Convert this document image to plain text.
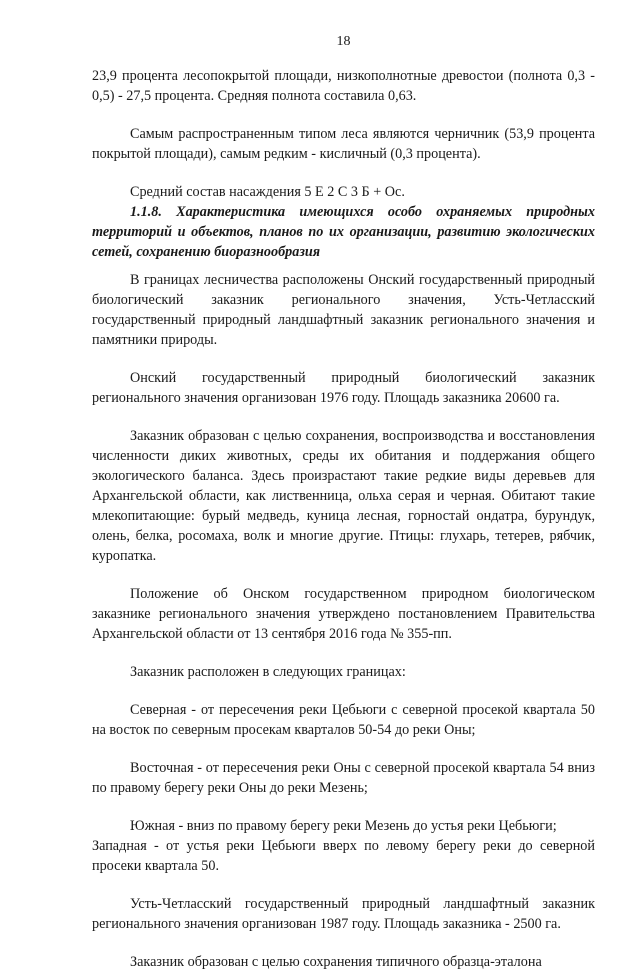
18

23,9 процента лесопокрытой площади, низкополнотные древостои (полнота 0,3 - 0,5) - 27,5 процента. Средняя полнота составила 0,63.

Самым распространенным типом леса являются черничник (53,9 процента покрытой площади), самым редким - кисличный (0,3 процента).

Средний состав насаждения 5 Е 2 С 3 Б + Ос.

1.1.8. Характеристика имеющихся особо охраняемых природных территорий и объектов, планов по их организации, развитию экологических сетей, сохранению биоразнообразия

В границах лесничества расположены Онский государственный природный биологический заказник регионального значения, Усть-Четласский государственный природный ландшафтный заказник регионального значения и памятники природы.

Онский государственный природный биологический заказник регионального значения организован 1976 году. Площадь заказника 20600 га.

Заказник образован с целью сохранения, воспроизводства и восстановления численности диких животных, среды их обитания и поддержания общего экологического баланса. Здесь произрастают такие редкие виды деревьев для Архангельской области, как лиственница, ольха серая и черная. Обитают такие млекопитающие: бурый медведь, куница лесная, горностай ондатра, бурундук, олень, белка, росомаха, волк и многие другие. Птицы: глухарь, тетерев, рябчик, куропатка.

Положение об Онском государственном природном биологическом заказнике регионального значения утверждено постановлением Правительства Архангельской области от 13 сентября 2016 года № 355-пп.

Заказник расположен в следующих границах:

Северная - от пересечения реки Цебьюги с северной просекой квартала 50 на восток по северным просекам кварталов 50-54 до реки Оны;

Восточная - от пересечения реки Оны с северной просекой квартала 54 вниз по правому берегу реки Оны до реки Мезень;

Южная - вниз по правому берегу реки Мезень до устья реки Цебьюги;

Западная - от устья реки Цебьюги вверх по левому берегу реки до северной просеки квартала 50.

Усть-Четласский государственный природный ландшафтный заказник регионального значения организован 1987 году. Площадь заказника - 2500 га.

Заказник образован с целью сохранения типичного образца-эталона
